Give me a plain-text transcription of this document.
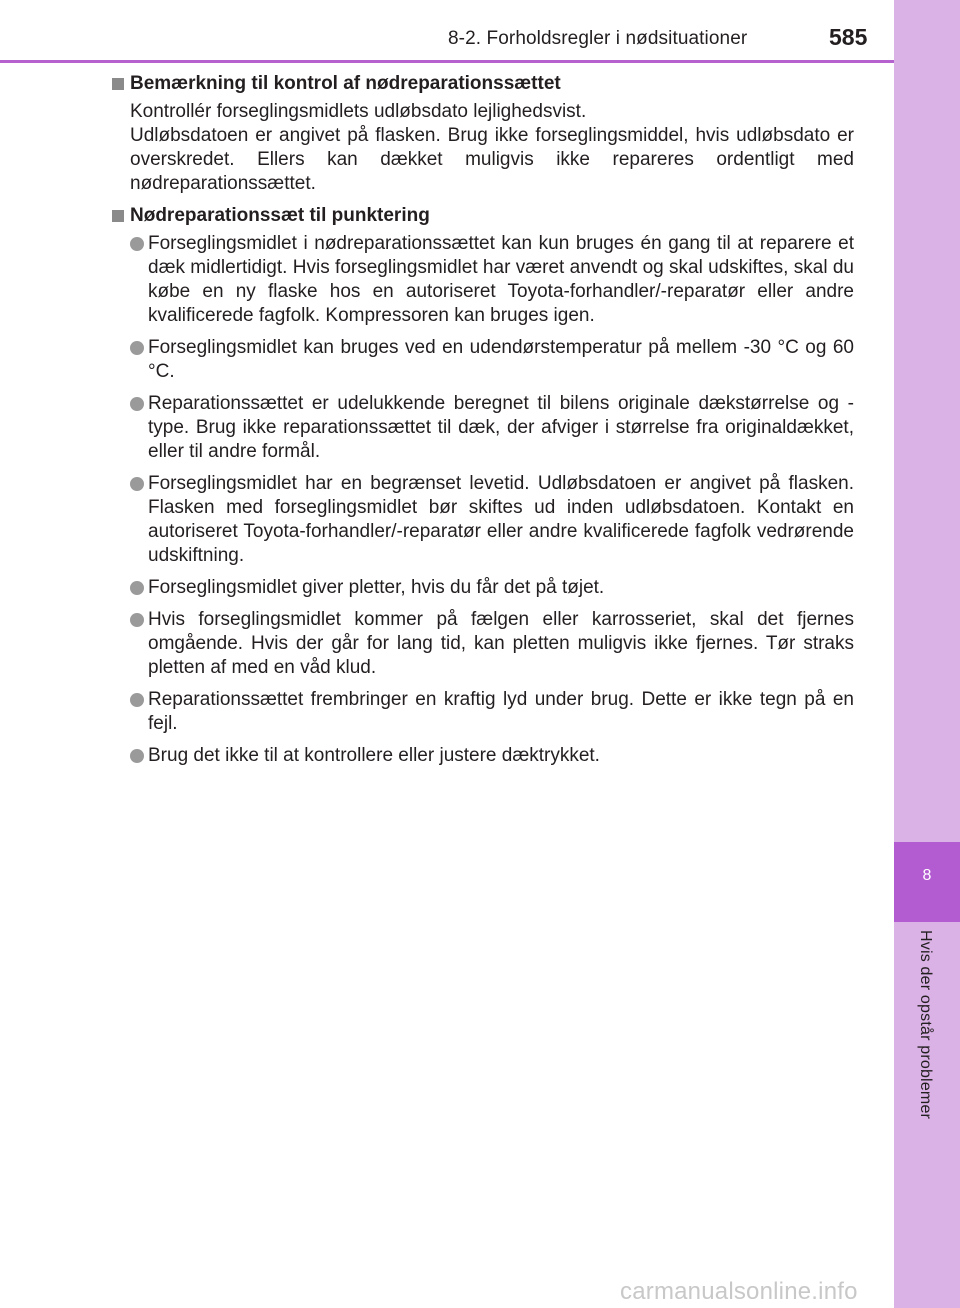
8-2. Forholdsregler i nødsituationer	585
8
Hvis der opstår problemer
Bemærkning til kontrol af nødreparationssættet
Kontrollér forseglingsmidlets udløbsdato lejlighedsvist.
Udløbsdatoen er angivet på flasken. Brug ikke forseglingsmiddel, hvis udløbsdato er overskredet. Ellers kan dækket muligvis ikke repareres ordentligt med nødreparationssættet.
Nødreparationssæt til punktering
Forseglingsmidlet i nødreparationssættet kan kun bruges én gang til at reparere et dæk midlertidigt. Hvis forseglingsmidlet har været anvendt og skal udskiftes, skal du købe en ny flaske hos en autoriseret Toyota-forhandler/-reparatør eller andre kvalificerede fagfolk. Kompressoren kan bruges igen.
Forseglingsmidlet kan bruges ved en udendørstemperatur på mellem -30 °C og 60 °C.
Reparationssættet er udelukkende beregnet til bilens originale dækstørrelse og -type. Brug ikke reparationssættet til dæk, der afviger i størrelse fra originaldækket, eller til andre formål.
Forseglingsmidlet har en begrænset levetid. Udløbsdatoen er angivet på flasken. Flasken med forseglingsmidlet bør skiftes ud inden udløbsdatoen. Kontakt en autoriseret Toyota-forhandler/-reparatør eller andre kvalificerede fagfolk vedrørende udskiftning.
Forseglingsmidlet giver pletter, hvis du får det på tøjet.
Hvis forseglingsmidlet kommer på fælgen eller karrosseriet, skal det fjernes omgående. Hvis der går for lang tid, kan pletten muligvis ikke fjernes. Tør straks pletten af med en våd klud.
Reparationssættet frembringer en kraftig lyd under brug. Dette er ikke tegn på en fejl.
Brug det ikke til at kontrollere eller justere dæktrykket.
carmanualsonline.info
